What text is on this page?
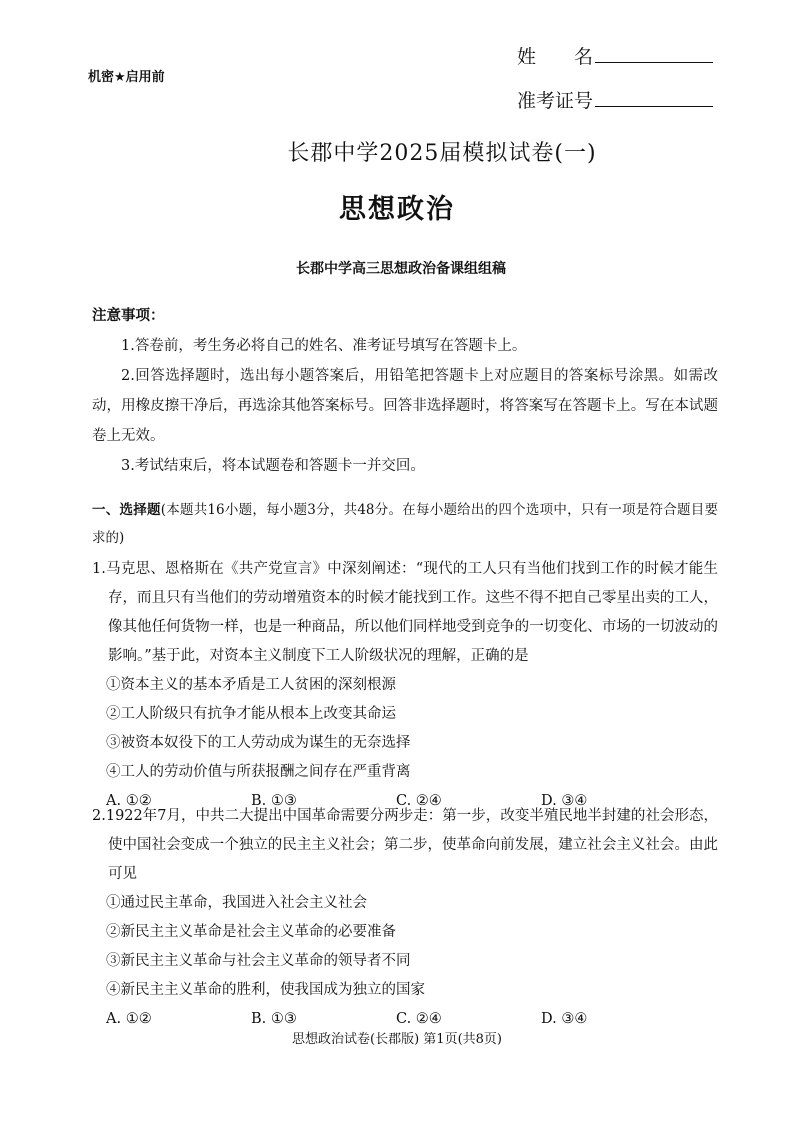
机密★启用前
姓　　名
准考证号
长郡中学2025届模拟试卷(一)
思想政治
长郡中学高三思想政治备课组组稿
注意事项：
1.答卷前，考生务必将自己的姓名、准考证号填写在答题卡上。
2.回答选择题时，选出每小题答案后，用铅笔把答题卡上对应题目的答案标号涂黑。如需改动，用橡皮擦干净后，再选涂其他答案标号。回答非选择题时，将答案写在答题卡上。写在本试题卷上无效。
3.考试结束后，将本试题卷和答题卡一并交回。
一、选择题(本题共16小题，每小题3分，共48分。在每小题给出的四个选项中，只有一项是符合题目要求的)
1.马克思、恩格斯在《共产党宣言》中深刻阐述：“现代的工人只有当他们找到工作的时候才能生存，而且只有当他们的劳动增殖资本的时候才能找到工作。这些不得不把自己零星出卖的工人，像其他任何货物一样，也是一种商品，所以他们同样地受到竞争的一切变化、市场的一切波动的影响。”基于此，对资本主义制度下工人阶级状况的理解，正确的是
①资本主义的基本矛盾是工人贫困的深刻根源
②工人阶级只有抗争才能从根本上改变其命运
③被资本奴役下的工人劳动成为谋生的无奈选择
④工人的劳动价值与所获报酬之间存在严重背离
A. ①②	B. ①③	C. ②④	D. ③④
2.1922年7月，中共二大提出中国革命需要分两步走：第一步，改变半殖民地半封建的社会形态，使中国社会变成一个独立的民主主义社会；第二步，使革命向前发展，建立社会主义社会。由此可见
①通过民主革命，我国进入社会主义社会
②新民主主义革命是社会主义革命的必要准备
③新民主主义革命与社会主义革命的领导者不同
④新民主主义革命的胜利，使我国成为独立的国家
A. ①②	B. ①③	C. ②④	D. ③④
思想政治试卷(长郡版) 第1页(共8页)
